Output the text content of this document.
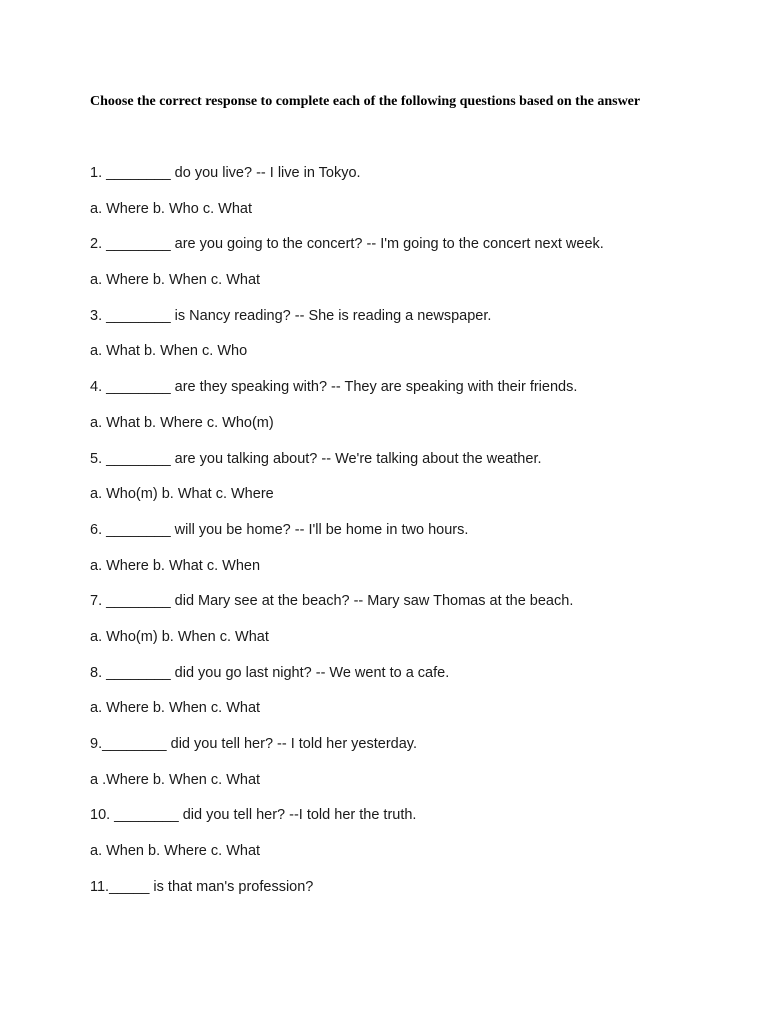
Choose the correct response to complete each of the following questions based on the answer

1. ________ do you live? -- I live in Tokyo.

a. Where b. Who c. What

2. ________ are you going to the concert? -- I'm going to the concert next week.

a. Where b. When c. What

3. ________ is Nancy reading? -- She is reading a newspaper.

a. What b. When c. Who

4. ________ are they speaking with? -- They are speaking with their friends.

a. What b. Where c. Who(m)

5. ________ are you talking about? -- We're talking about the weather.

a. Who(m) b. What c. Where

6. ________ will you be home? -- I'll be home in two hours.

a. Where b. What c. When

7. ________ did Mary see at the beach? -- Mary saw Thomas at the beach.

a. Who(m) b. When c. What

8. ________ did you go last night? -- We went to a cafe.

a. Where b. When c. What

9.________ did you tell her? -- I told her yesterday.

a .Where b. When c. What

10. ________ did you tell her? --I told her the truth.

a. When b. Where c. What

11._____ is that man's profession?
